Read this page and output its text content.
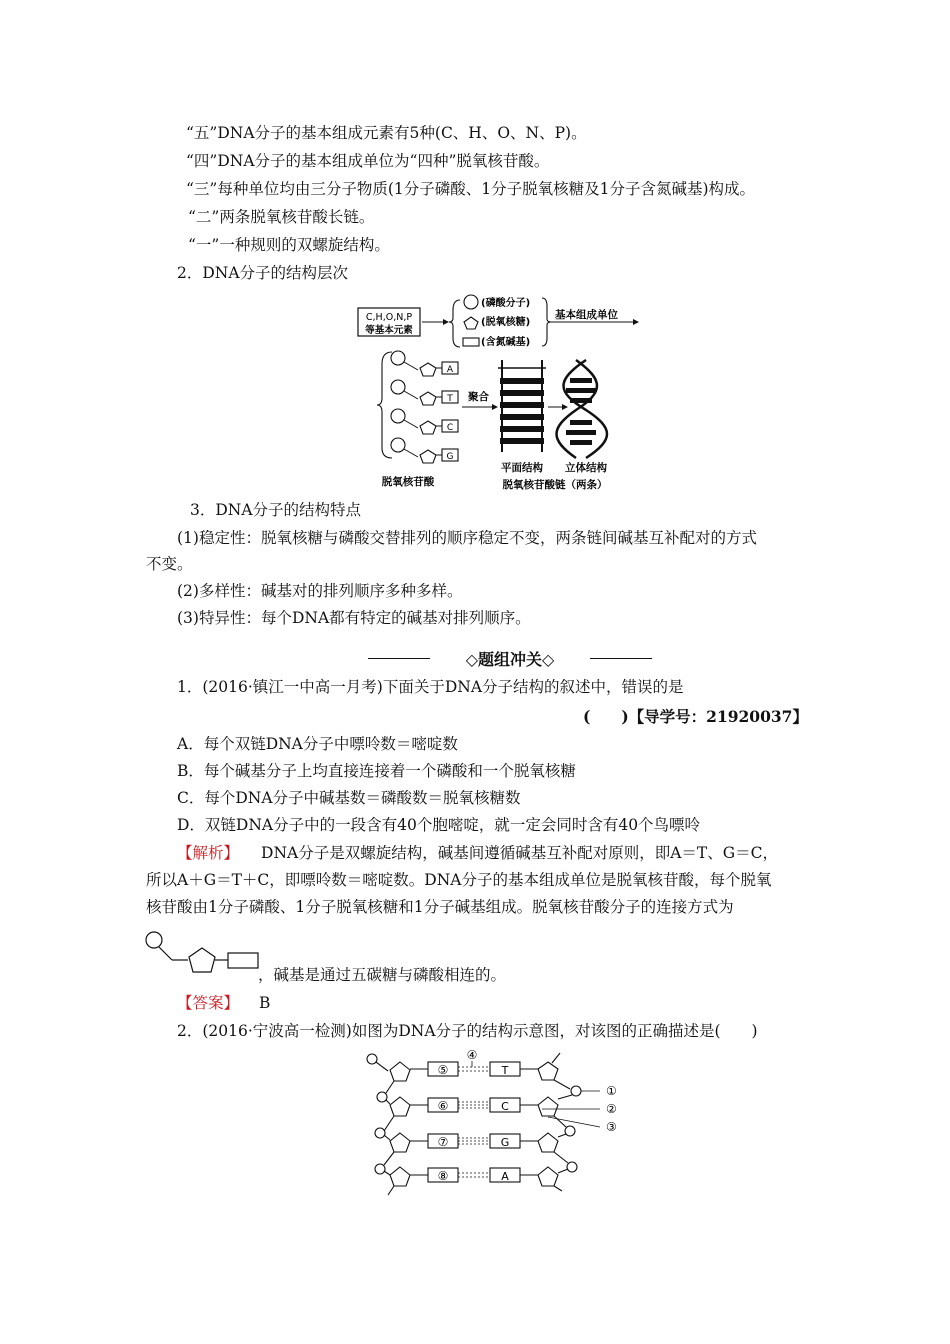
“五”DNA分子的基本组成元素有5种(C、H、O、N、P)。
“四”DNA分子的基本组成单位为“四种”脱氧核苷酸。
“三”每种单位均由三分子物质(1分子磷酸、1分子脱氧核糖及1分子含氮碱基)构成。
“二”两条脱氧核苷酸长链。
“一”一种规则的双螺旋结构。
2．DNA分子的结构层次
C,H,O,N,P
等基本元素
(磷酸分子)
(脱氧核糖)
(含氮碱基)
基本组成单位
A
T
C
G
聚合
脱氧核苷酸
平面结构 立体结构
脱氧核苷酸链（两条）
3．DNA分子的结构特点
(1)稳定性：脱氧核糖与磷酸交替排列的顺序稳定不变，两条链间碱基互补配对的方式
不变。
(2)多样性：碱基对的排列顺序多种多样。
(3)特异性：每个DNA都有特定的碱基对排列顺序。
◇题组冲关◇
1．(2016·镇江一中高一月考)下面关于DNA分子结构的叙述中，错误的是
(　　)【导学号：21920037】
A．每个双链DNA分子中嘌呤数＝嘧啶数
B．每个碱基分子上均直接连接着一个磷酸和一个脱氧核糖
C．每个DNA分子中碱基数＝磷酸数＝脱氧核糖数
D．双链DNA分子中的一段含有40个胞嘧啶，就一定会同时含有40个鸟嘌呤
【解析】 DNA分子是双螺旋结构，碱基间遵循碱基互补配对原则，即A＝T、G＝C，
所以A＋G＝T＋C，即嘌呤数＝嘧啶数。DNA分子的基本组成单位是脱氧核苷酸，每个脱氧
核苷酸由1分子磷酸、1分子脱氧核糖和1分子碱基组成。脱氧核苷酸分子的连接方式为
，碱基是通过五碳糖与磷酸相连的。
【答案】 B
2．(2016·宁波高一检测)如图为DNA分子的结构示意图，对该图的正确描述是(　　)
⑤
⑥
⑦
⑧
T
C
G
A
④
①
②
③
